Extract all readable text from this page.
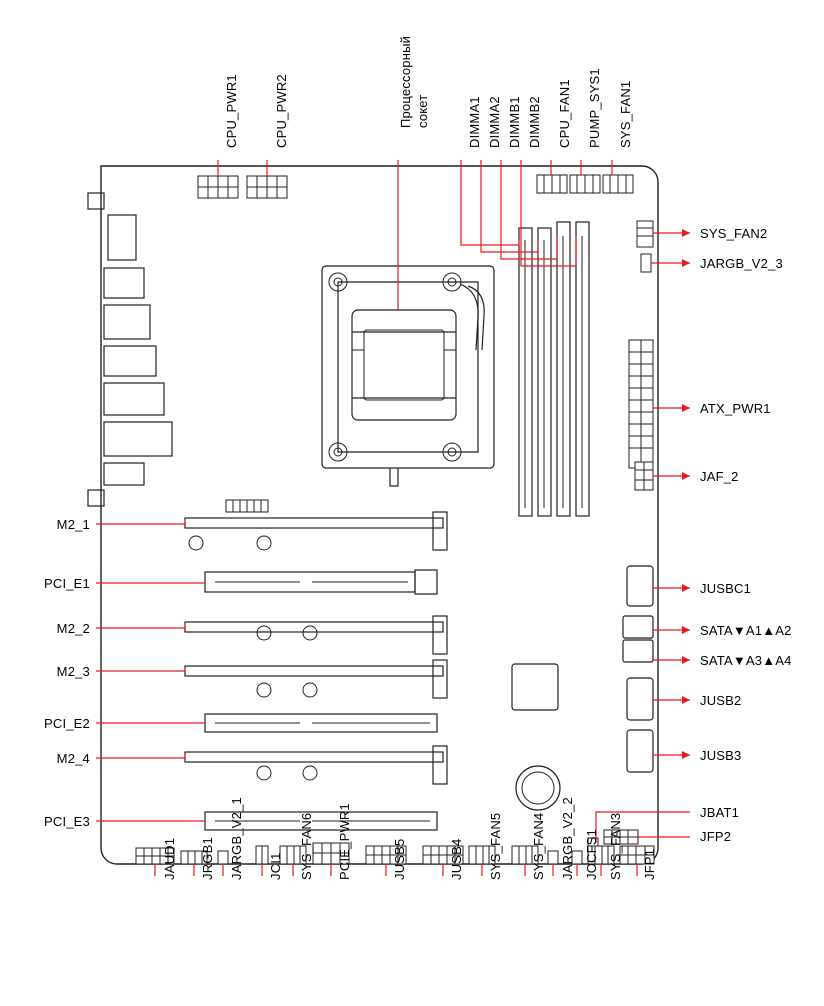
CPU_PWR1	CPU_PWR2	Процессорный сокет	DIMMA1 DIMMA2 DIMMB1 DIMMB2 CPU_FAN1 PUMP_SYS1 SYS_FAN1
SYS_FAN2
JARGB_V2_3
ATX_PWR1
JAF_2
JUSBC1
SATA▼A1▲A2
SATA▼A3▲A4
JUSB2
JUSB3
JBAT1
JFP2
M2_1
PCI_E1
M2_2
M2_3
PCI_E2
M2_4
PCI_E3
JAUD1 JRGB1 JARGB_V2_1 JCI1 SYS_FAN6 PCIE_PWR1	JUSB5	JUSB4 SYS_FAN5 SYS_FAN4 JARGB_V2_2 JOCFS1 SYS_FAN3 JFP1
